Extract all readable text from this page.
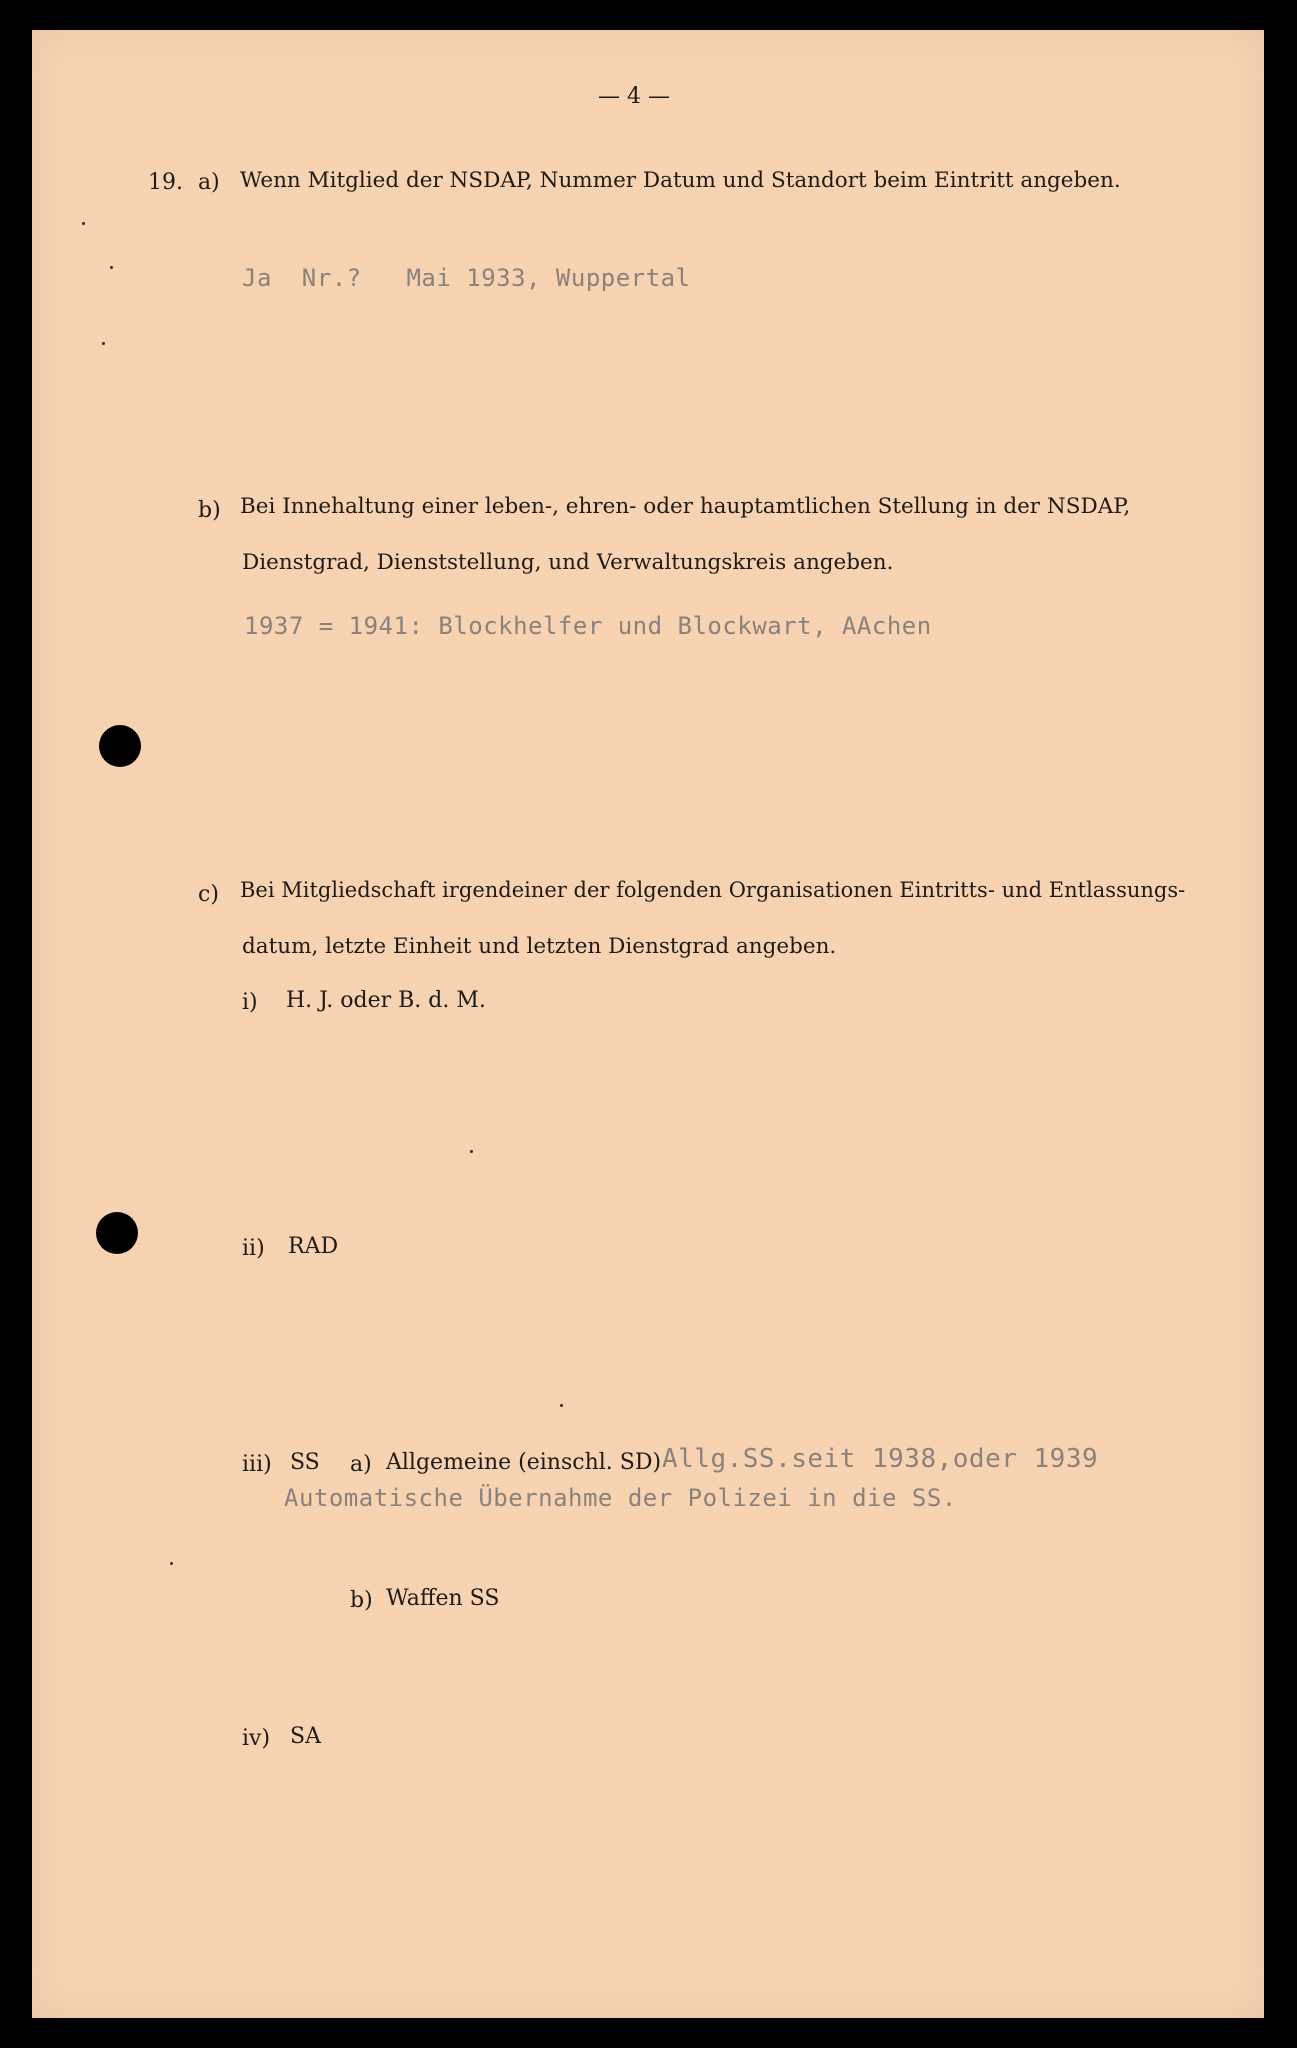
— 4 —
19. a) Wenn Mitglied der NSDAP, Nummer Datum und Standort beim Eintritt angeben.
Ja  Nr.?   Mai 1933, Wuppertal
b) Bei Innehaltung einer leben-, ehren- oder hauptamtlichen Stellung in der NSDAP,
Dienstgrad, Dienststellung, und Verwaltungskreis angeben.
1937 = 1941: Blockhelfer und Blockwart, AAchen
c) Bei Mitgliedschaft irgendeiner der folgenden Organisationen Eintritts- und Entlassungs-
datum, letzte Einheit und letzten Dienstgrad angeben.
i) H. J. oder B. d. M.
ii) RAD
iii) SS a) Allgemeine (einschl. SD) Allg.SS.seit 1938,oder 1939
Automatische Übernahme der Polizei in die SS.
b) Waffen SS
iv) SA
